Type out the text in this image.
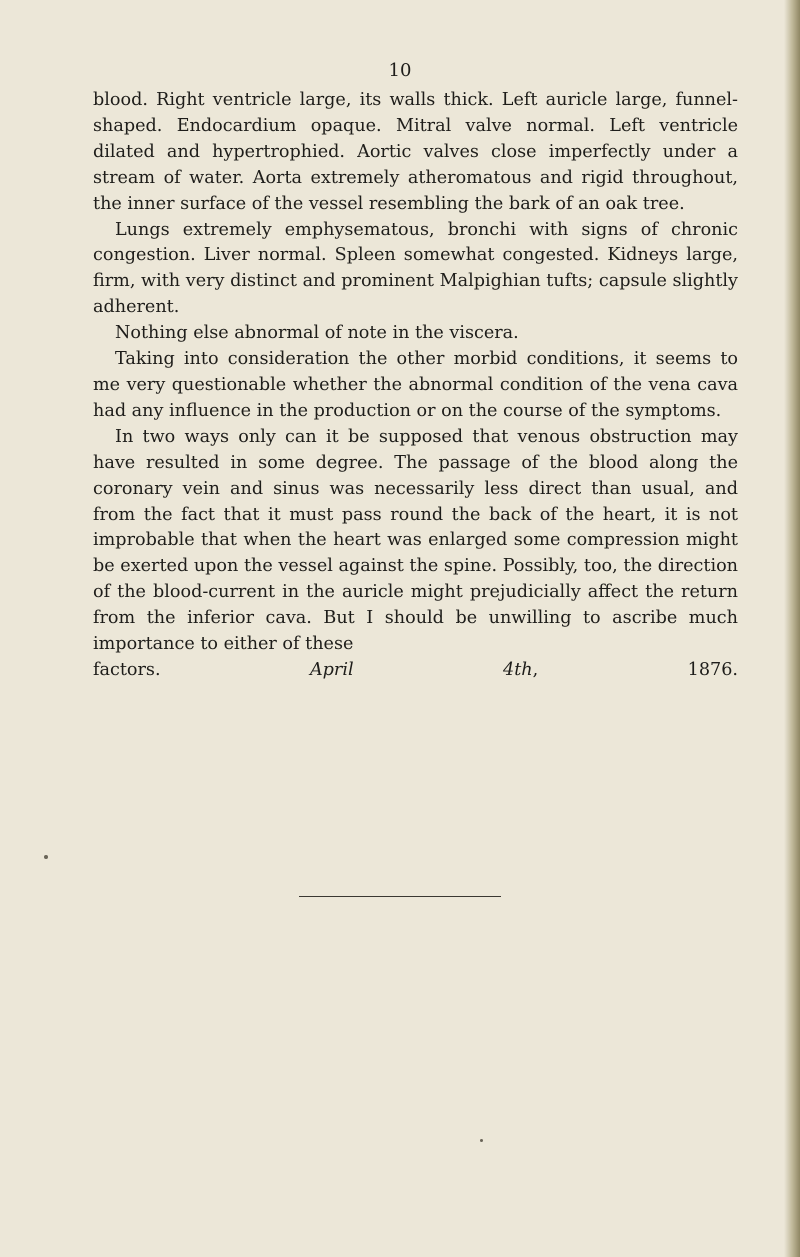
10

blood. Right ventricle large, its walls thick. Left auricle large, funnel-shaped. Endocardium opaque. Mitral valve normal. Left ventricle dilated and hypertrophied. Aortic valves close imperfectly under a stream of water. Aorta extremely atheromatous and rigid throughout, the inner surface of the vessel resembling the bark of an oak tree.

Lungs extremely emphysematous, bronchi with signs of chronic congestion. Liver normal. Spleen somewhat congested. Kidneys large, firm, with very distinct and prominent Malpighian tufts; capsule slightly adherent.

Nothing else abnormal of note in the viscera.

Taking into consideration the other morbid conditions, it seems to me very questionable whether the abnormal condition of the vena cava had any influence in the production or on the course of the symptoms.

In two ways only can it be supposed that venous obstruction may have resulted in some degree. The passage of the blood along the coronary vein and sinus was necessarily less direct than usual, and from the fact that it must pass round the back of the heart, it is not improbable that when the heart was enlarged some compression might be exerted upon the vessel against the spine. Possibly, too, the direction of the blood-current in the auricle might prejudicially affect the return from the inferior cava. But I should be unwilling to ascribe much importance to either of these

factors.	April	4th, 1876.
